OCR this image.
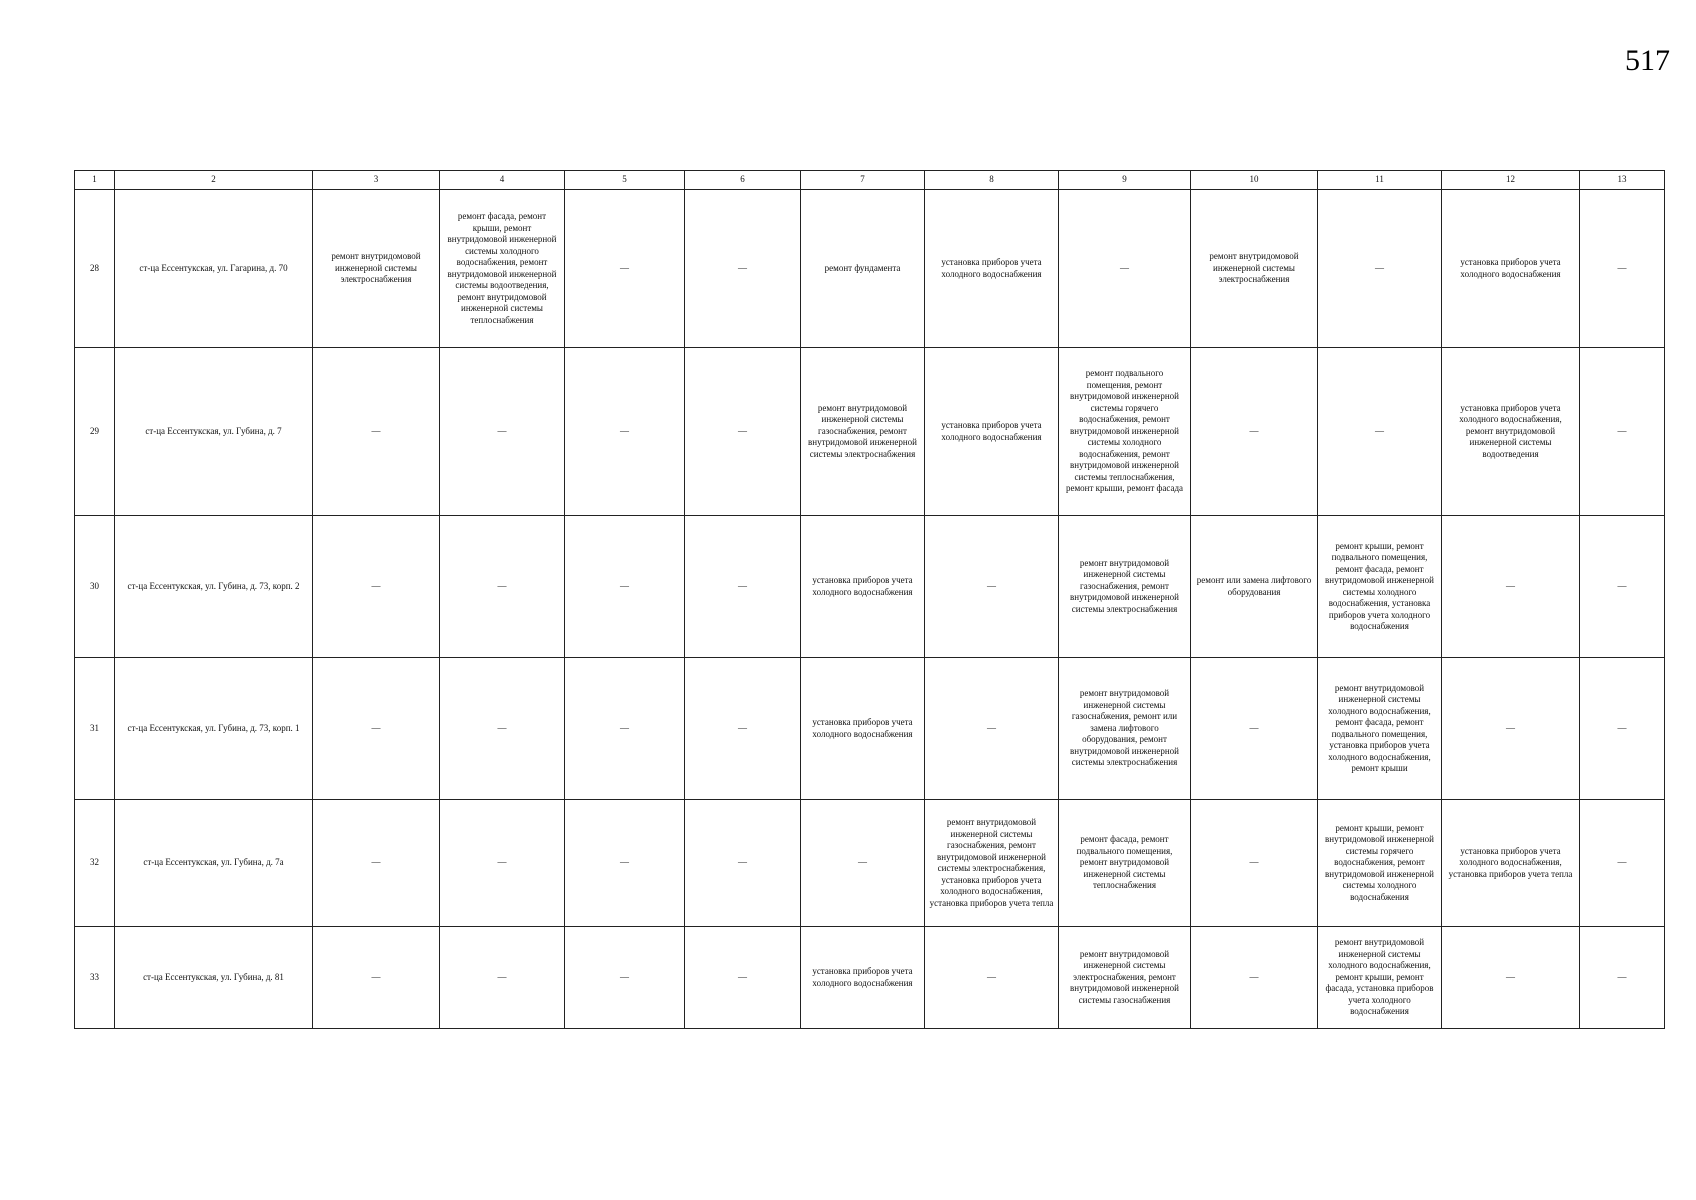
517
1	2	3	4	5	6	7	8	9	10	11	12	13
28	ст-ца Ессентукская, ул. Гагарина, д. 70	ремонт внутридомовой инженерной системы электроснабжения	ремонт фасада, ремонт крыши, ремонт внутридомовой инженерной системы холодного водоснабжения, ремонт внутридомовой инженерной системы водоотведения, ремонт внутридомовой инженерной системы теплоснабжения	—	—	ремонт фундамента	установка приборов учета холодного водоснабжения	—	ремонт внутридомовой инженерной системы электроснабжения	—	установка приборов учета холодного водоснабжения	—
29	ст-ца Ессентукская, ул. Губина, д. 7	—	—	—	—	ремонт внутридомовой инженерной системы газоснабжения, ремонт внутридомовой инженерной системы электроснабжения	установка приборов учета холодного водоснабжения	ремонт подвального помещения, ремонт внутридомовой инженерной системы горячего водоснабжения, ремонт внутридомовой инженерной системы холодного водоснабжения, ремонт внутридомовой инженерной системы теплоснабжения, ремонт крыши, ремонт фасада	—	—	установка приборов учета холодного водоснабжения, ремонт внутридомовой инженерной системы водоотведения	—
30	ст-ца Ессентукская, ул. Губина, д. 73, корп. 2	—	—	—	—	установка приборов учета холодного водоснабжения	—	ремонт внутридомовой инженерной системы газоснабжения, ремонт внутридомовой инженерной системы электроснабжения	ремонт или замена лифтового оборудования	ремонт крыши, ремонт подвального помещения, ремонт фасада, ремонт внутридомовой инженерной системы холодного водоснабжения, установка приборов учета холодного водоснабжения	—	—
31	ст-ца Ессентукская, ул. Губина, д. 73, корп. 1	—	—	—	—	установка приборов учета холодного водоснабжения	—	ремонт внутридомовой инженерной системы газоснабжения, ремонт или замена лифтового оборудования, ремонт внутридомовой инженерной системы электроснабжения	—	ремонт внутридомовой инженерной системы холодного водоснабжения, ремонт фасада, ремонт подвального помещения, установка приборов учета холодного водоснабжения, ремонт крыши	—	—
32	ст-ца Ессентукская, ул. Губина, д. 7а	—	—	—	—	—	ремонт внутридомовой инженерной системы газоснабжения, ремонт внутридомовой инженерной системы электроснабжения, установка приборов учета холодного водоснабжения, установка приборов учета тепла	ремонт фасада, ремонт подвального помещения, ремонт внутридомовой инженерной системы теплоснабжения	—	ремонт крыши, ремонт внутридомовой инженерной системы горячего водоснабжения, ремонт внутридомовой инженерной системы холодного водоснабжения	установка приборов учета холодного водоснабжения, установка приборов учета тепла	—
33	ст-ца Ессентукская, ул. Губина, д. 81	—	—	—	—	установка приборов учета холодного водоснабжения	—	ремонт внутридомовой инженерной системы электроснабжения, ремонт внутридомовой инженерной системы газоснабжения	—	ремонт внутридомовой инженерной системы холодного водоснабжения, ремонт крыши, ремонт фасада, установка приборов учета холодного водоснабжения	—	—
